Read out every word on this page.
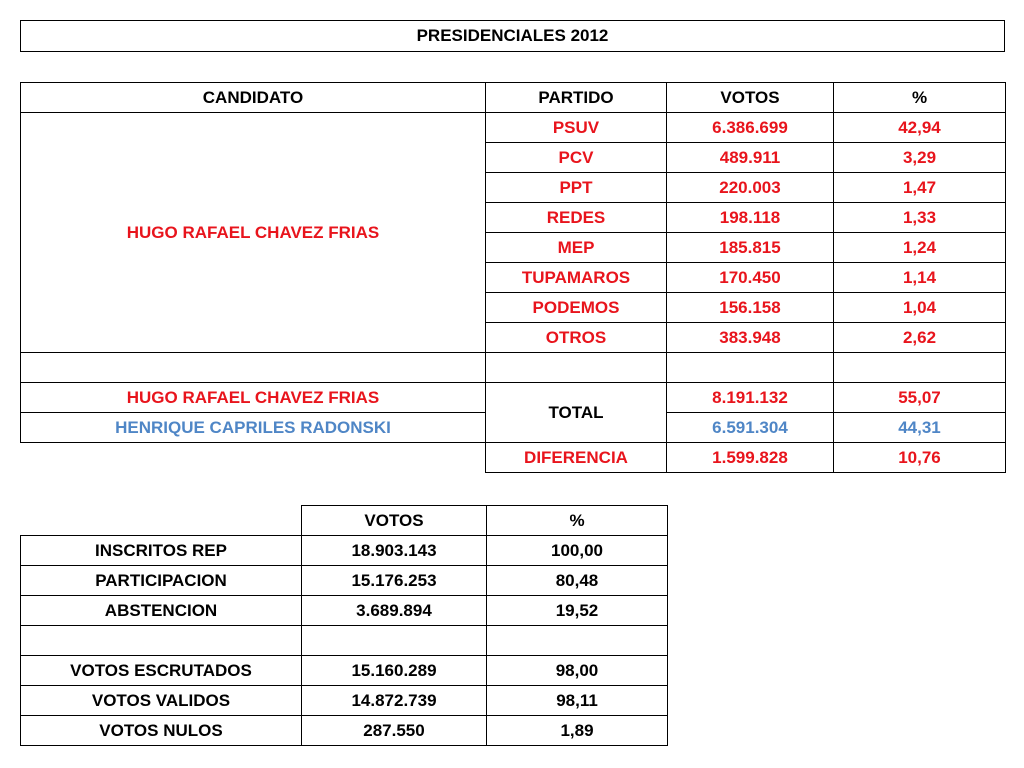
PRESIDENCIALES 2012
CANDIDATO	PARTIDO	VOTOS	%
HUGO RAFAEL CHAVEZ FRIAS	PSUV	6.386.699	42,94
	PCV	489.911	3,29
	PPT	220.003	1,47
	REDES	198.118	1,33
	MEP	185.815	1,24
	TUPAMAROS	170.450	1,14
	PODEMOS	156.158	1,04
	OTROS	383.948	2,62

HUGO RAFAEL CHAVEZ FRIAS	TOTAL	8.191.132	55,07
HENRIQUE CAPRILES RADONSKI		6.591.304	44,31
	DIFERENCIA	1.599.828	10,76
	VOTOS	%
INSCRITOS REP	18.903.143	100,00
PARTICIPACION	15.176.253	80,48
ABSTENCION	3.689.894	19,52

VOTOS ESCRUTADOS	15.160.289	98,00
VOTOS VALIDOS	14.872.739	98,11
VOTOS NULOS	287.550	1,89
